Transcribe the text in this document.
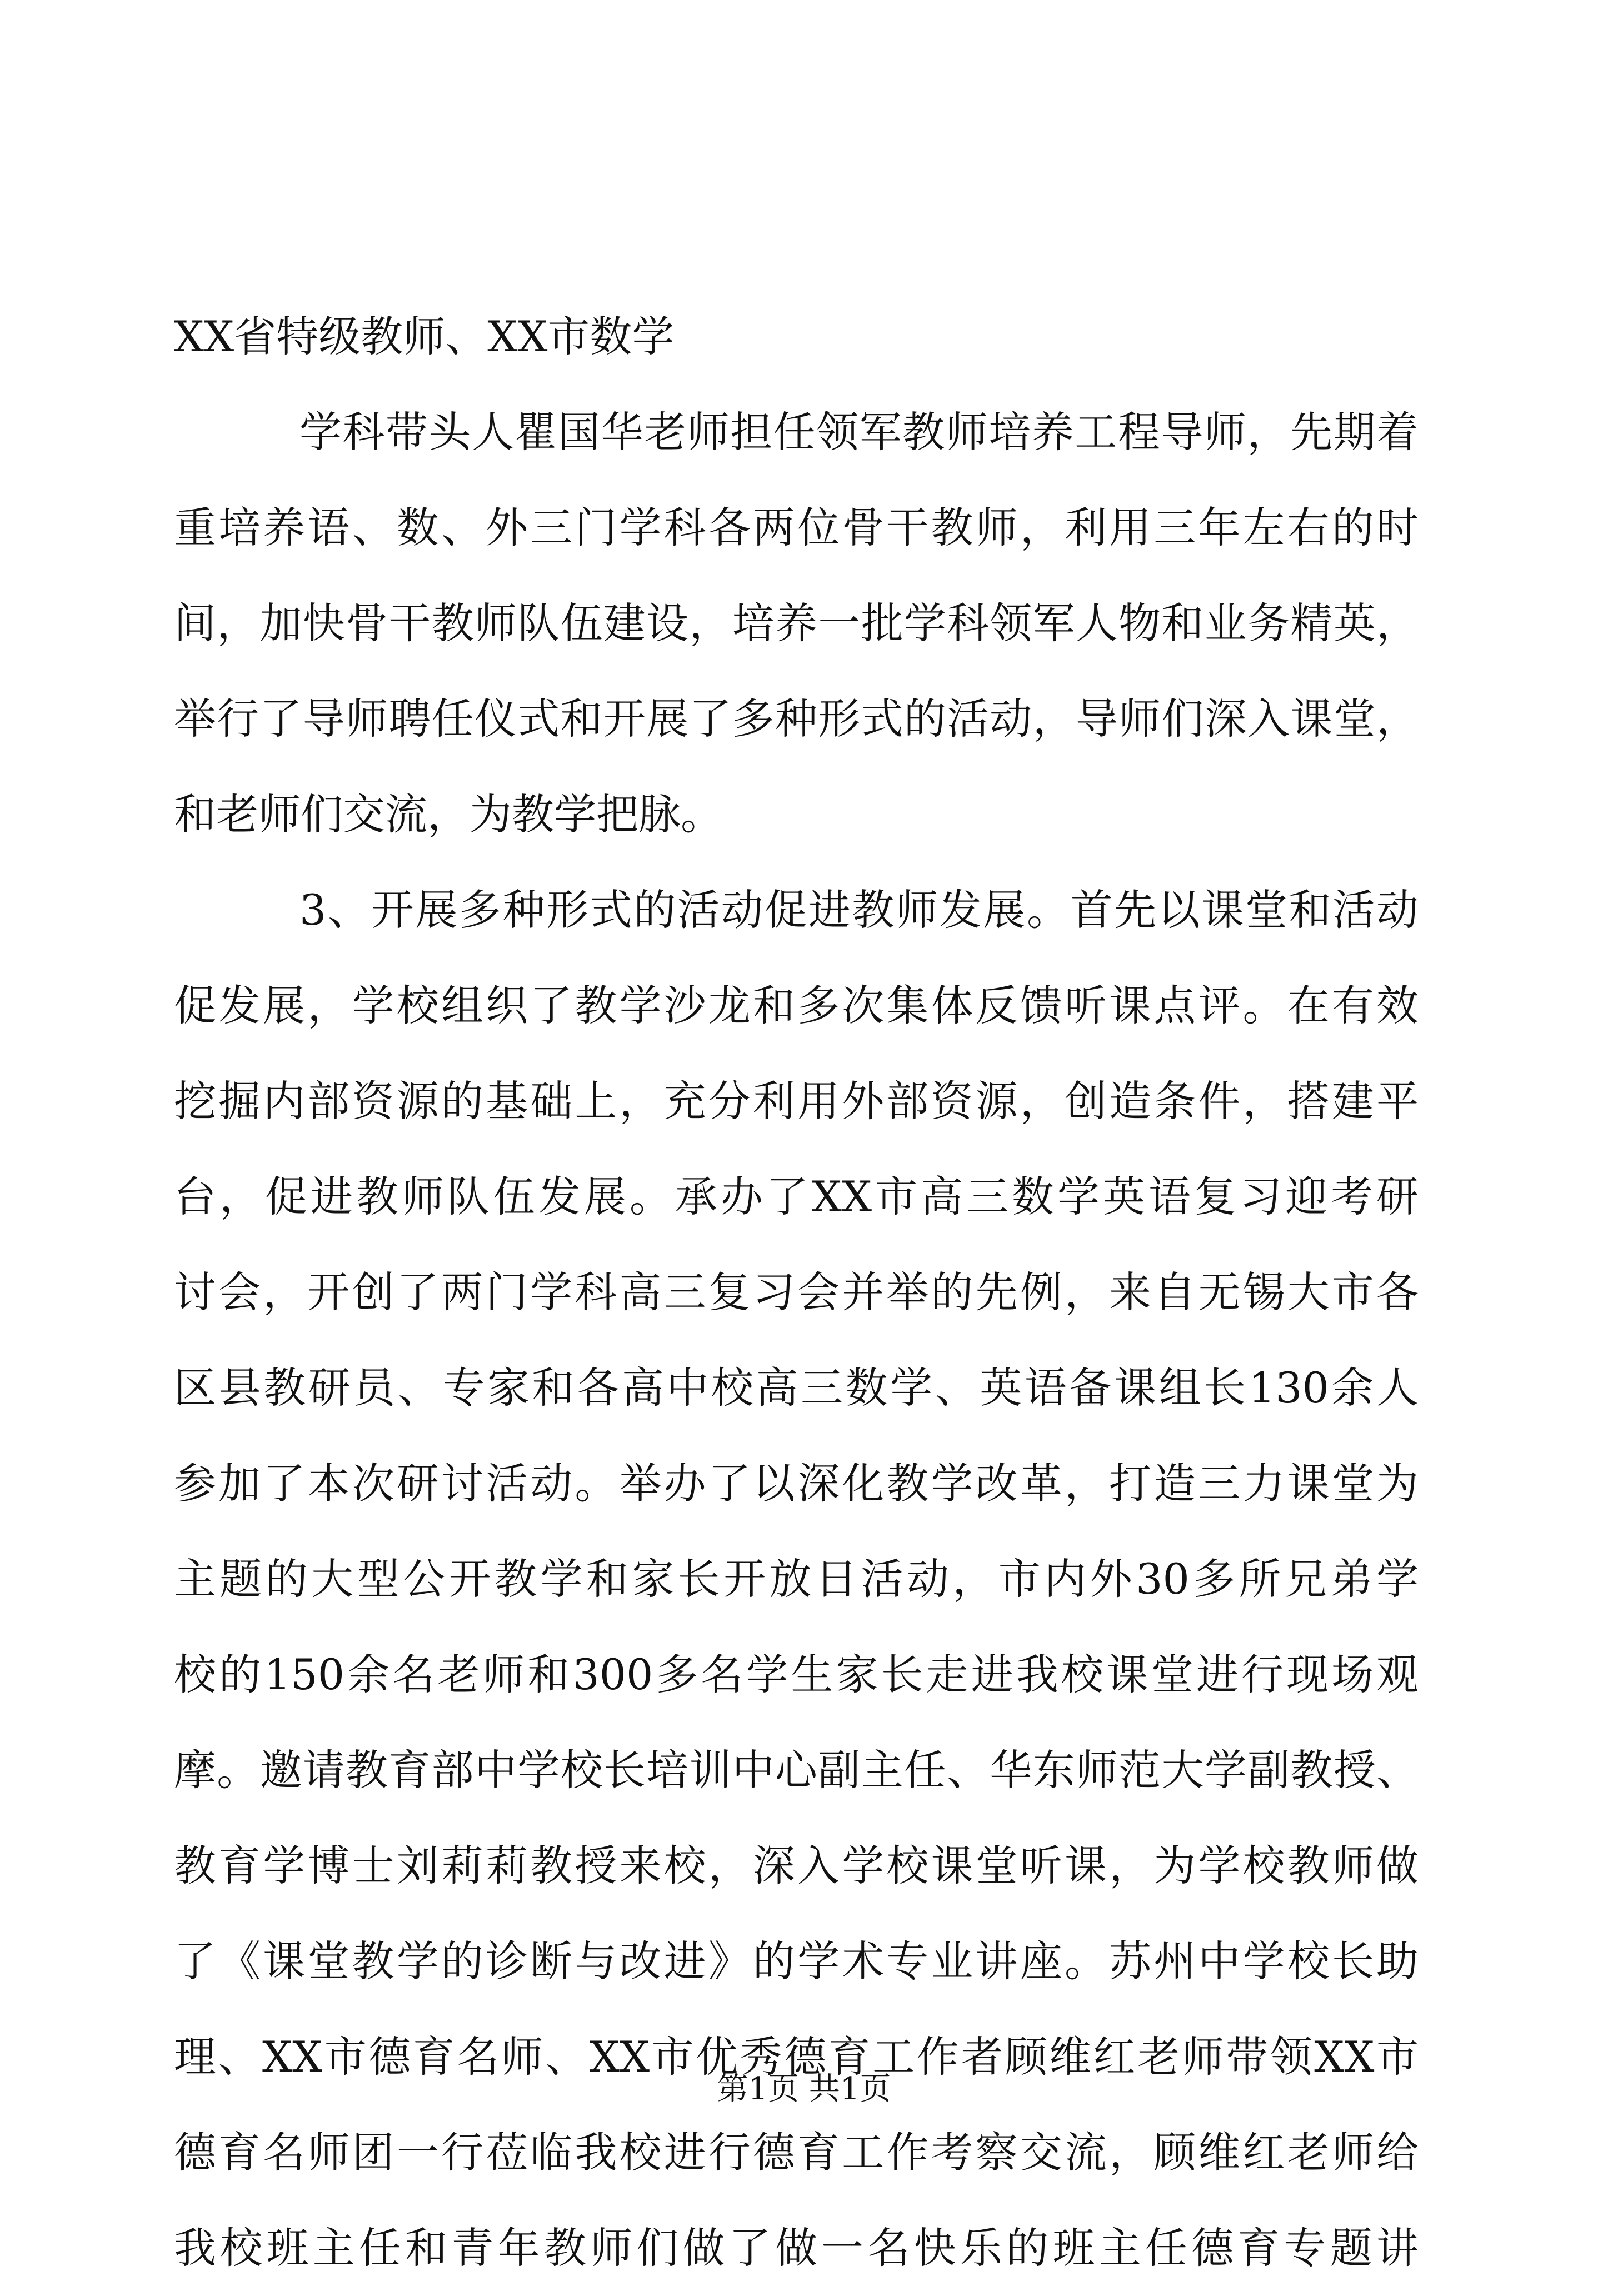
XX省特级教师、XX市数学
学科带头人瞿国华老师担任领军教师培养工程导师，先期着
重培养语、数、外三门学科各两位骨干教师，利用三年左右的时
间，加快骨干教师队伍建设，培养一批学科领军人物和业务精英，
举行了导师聘任仪式和开展了多种形式的活动，导师们深入课堂，
和老师们交流，为教学把脉。
3、开展多种形式的活动促进教师发展。首先以课堂和活动
促发展，学校组织了教学沙龙和多次集体反馈听课点评。在有效
挖掘内部资源的基础上，充分利用外部资源，创造条件，搭建平
台，促进教师队伍发展。承办了XX市高三数学英语复习迎考研
讨会，开创了两门学科高三复习会并举的先例，来自无锡大市各
区县教研员、专家和各高中校高三数学、英语备课组长130余人
参加了本次研讨活动。举办了以深化教学改革，打造三力课堂为
主题的大型公开教学和家长开放日活动，市内外30多所兄弟学
校的150余名老师和300多名学生家长走进我校课堂进行现场观
摩。邀请教育部中学校长培训中心副主任、华东师范大学副教授、
教育学博士刘莉莉教授来校，深入学校课堂听课，为学校教师做
了《课堂教学的诊断与改进》的学术专业讲座。苏州中学校长助
理、XX市德育名师、XX市优秀德育工作者顾维红老师带领XX市
德育名师团一行莅临我校进行德育工作考察交流，顾维红老师给
我校班主任和青年教师们做了做一名快乐的班主任德育专题讲
第1页 共1页
